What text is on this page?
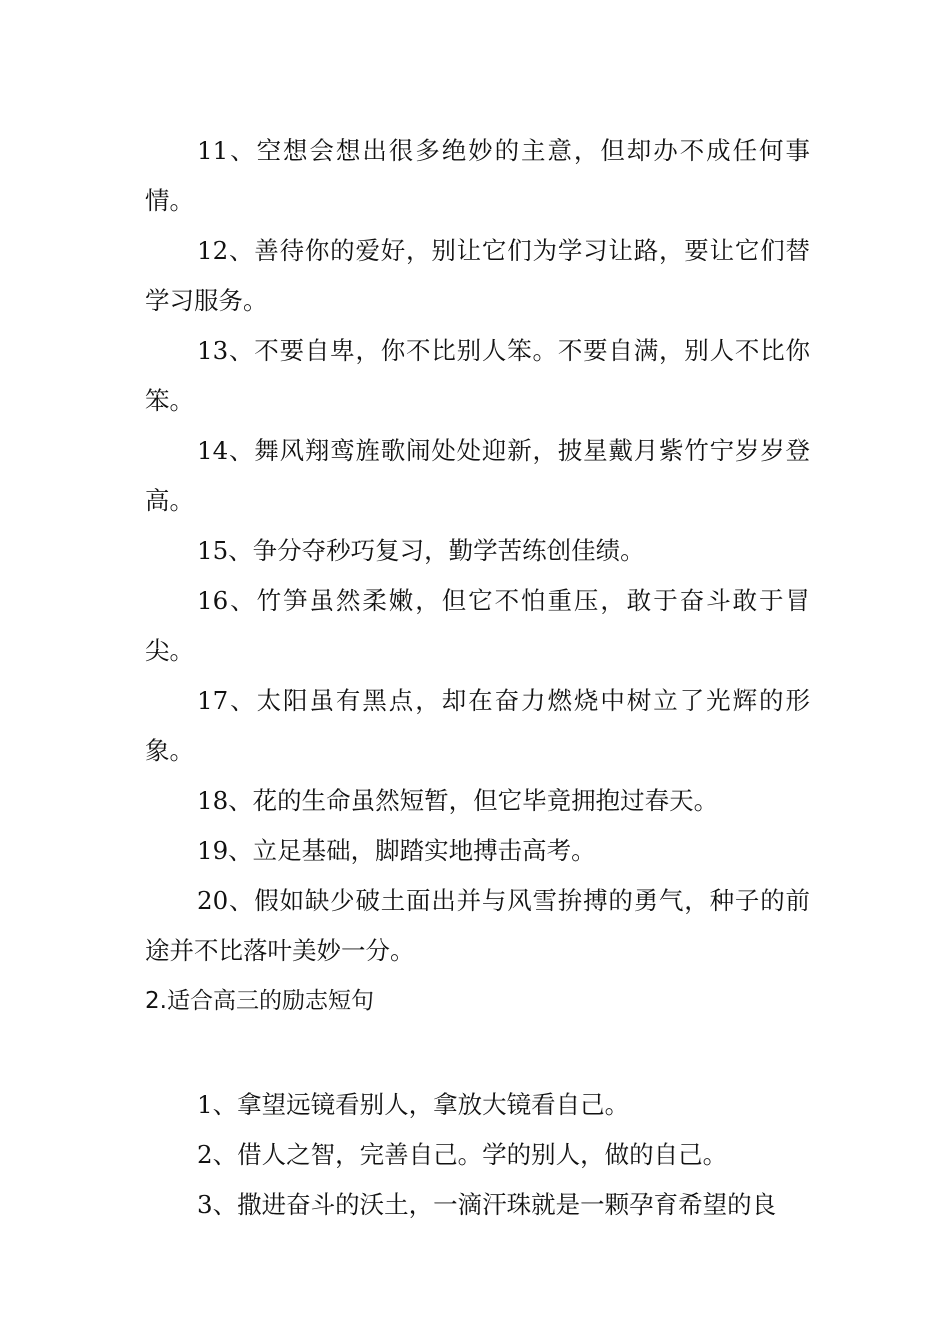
11、空想会想出很多绝妙的主意，但却办不成任何事情。

12、善待你的爱好，别让它们为学习让路，要让它们替学习服务。

13、不要自卑，你不比别人笨。不要自满，别人不比你笨。

14、舞风翔鸾旌歌闹处处迎新，披星戴月紫竹宁岁岁登高。

15、争分夺秒巧复习，勤学苦练创佳绩。

16、竹笋虽然柔嫩，但它不怕重压，敢于奋斗敢于冒尖。

17、太阳虽有黑点，却在奋力燃烧中树立了光辉的形象。

18、花的生命虽然短暂，但它毕竟拥抱过春天。

19、立足基础，脚踏实地搏击高考。

20、假如缺少破土面出并与风雪拚搏的勇气，种子的前途并不比落叶美妙一分。

2.适合高三的励志短句

1、拿望远镜看别人，拿放大镜看自己。

2、借人之智，完善自己。学的别人，做的自己。

3、撒进奋斗的沃土，一滴汗珠就是一颗孕育希望的良
